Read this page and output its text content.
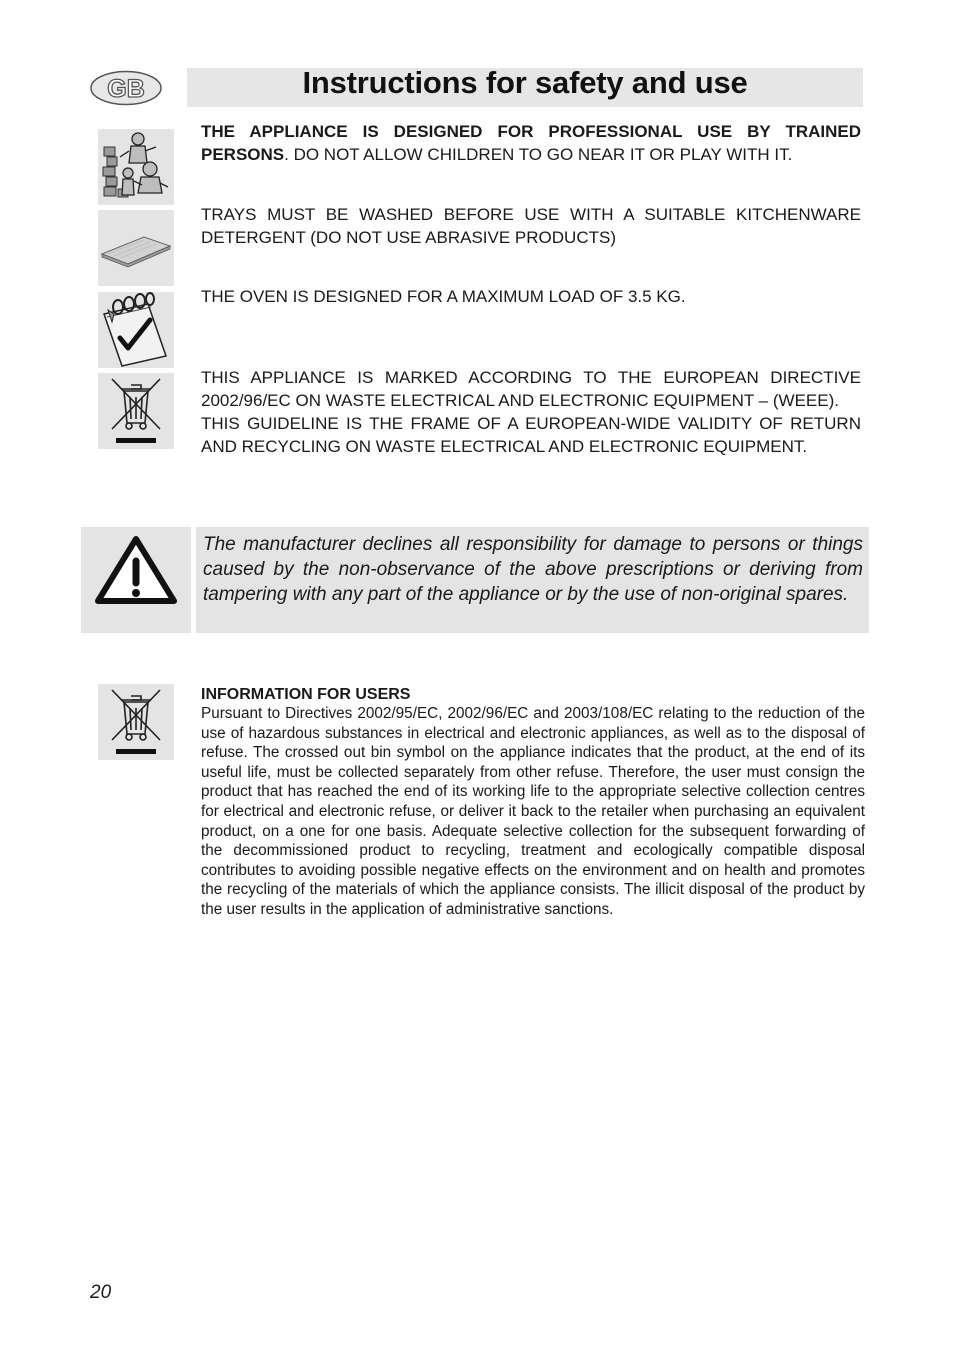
GB	Instructions for safety and use
THE APPLIANCE IS DESIGNED FOR PROFESSIONAL USE BY TRAINED PERSONS. DO NOT ALLOW CHILDREN TO GO NEAR IT OR PLAY WITH IT.
TRAYS MUST BE WASHED BEFORE USE WITH A SUITABLE KITCHENWARE DETERGENT (DO NOT USE ABRASIVE PRODUCTS)
THE OVEN IS DESIGNED FOR A MAXIMUM LOAD OF 3.5 KG.
THIS APPLIANCE IS MARKED ACCORDING TO THE EUROPEAN DIRECTIVE 2002/96/EC ON WASTE ELECTRICAL AND ELECTRONIC EQUIPMENT – (WEEE).
THIS GUIDELINE IS THE FRAME OF A EUROPEAN-WIDE VALIDITY OF RETURN AND RECYCLING ON WASTE ELECTRICAL AND ELECTRONIC EQUIPMENT.
The manufacturer declines all responsibility for damage to persons or things caused by the non-observance of the above prescriptions or deriving from tampering with any part of the appliance or by the use of non-original spares.
INFORMATION FOR USERS
Pursuant to Directives 2002/95/EC, 2002/96/EC and 2003/108/EC relating to the reduction of the use of hazardous substances in electrical and electronic appliances, as well as to the disposal of refuse. The crossed out bin symbol on the appliance indicates that the product, at the end of its useful life, must be collected separately from other refuse. Therefore, the user must consign the product that has reached the end of its working life to the appropriate selective collection centres for electrical and electronic refuse, or deliver it back to the retailer when purchasing an equivalent product, on a one for one basis. Adequate selective collection for the subsequent forwarding of the decommissioned product to recycling, treatment and ecologically compatible disposal contributes to avoiding possible negative effects on the environment and on health and promotes the recycling of the materials of which the appliance consists. The illicit disposal of the product by the user results in the application of administrative sanctions.
20
